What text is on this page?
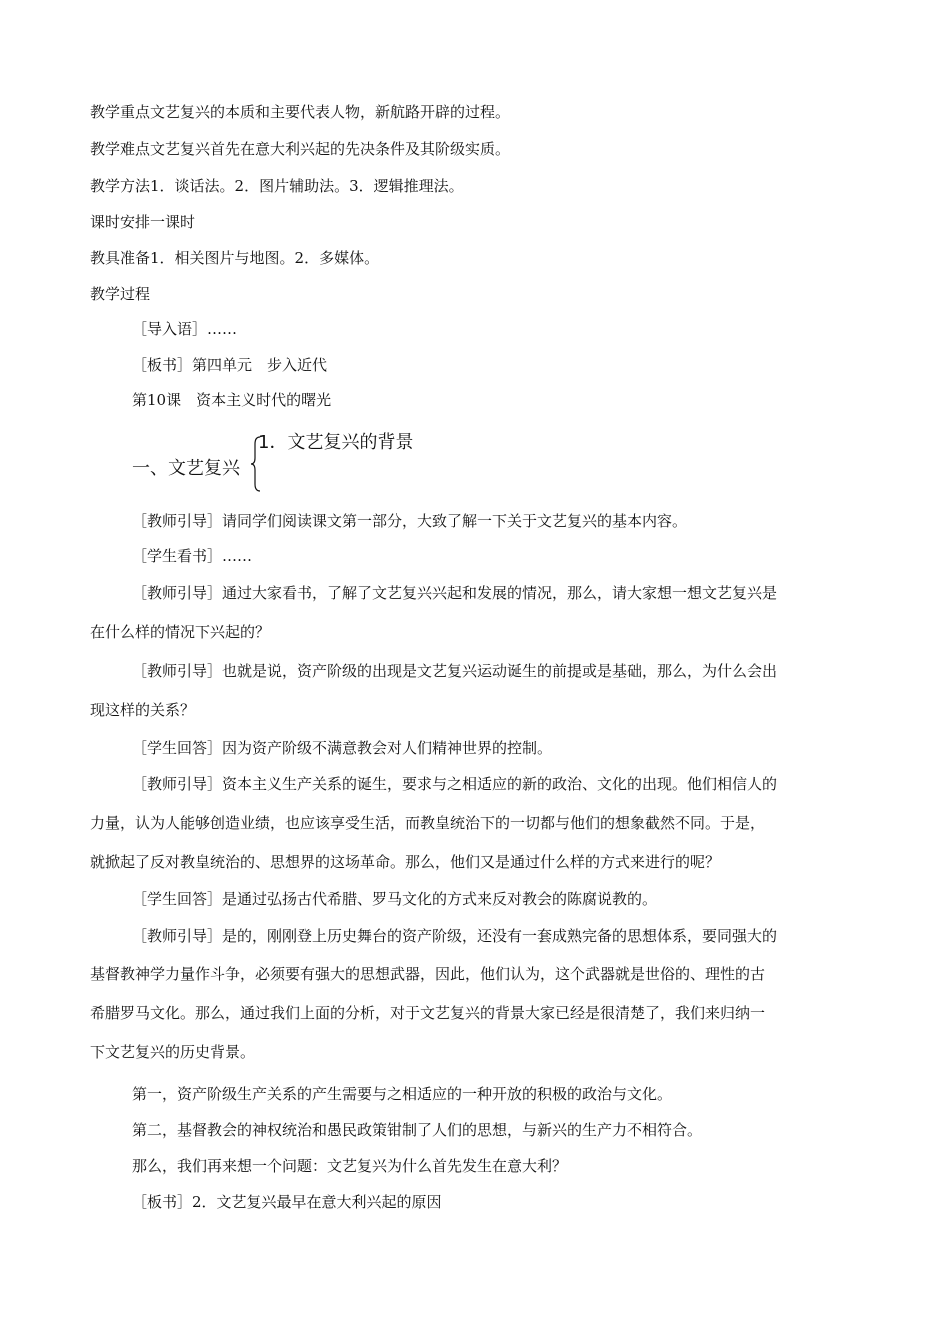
教学重点文艺复兴的本质和主要代表人物，新航路开辟的过程。
教学难点文艺复兴首先在意大利兴起的先决条件及其阶级实质。
教学方法1．谈话法。2．图片辅助法。3．逻辑推理法。
课时安排一课时
教具准备1．相关图片与地图。2．多媒体。
教学过程
［导入语］……
［板书］第四单元　步入近代
第10课　资本主义时代的曙光
1．文艺复兴的背景
一、文艺复兴
［教师引导］请同学们阅读课文第一部分，大致了解一下关于文艺复兴的基本内容。
［学生看书］……
［教师引导］通过大家看书，了解了文艺复兴兴起和发展的情况，那么，请大家想一想文艺复兴是
在什么样的情况下兴起的？
［教师引导］也就是说，资产阶级的出现是文艺复兴运动诞生的前提或是基础，那么，为什么会出
现这样的关系？
［学生回答］因为资产阶级不满意教会对人们精神世界的控制。
［教师引导］资本主义生产关系的诞生，要求与之相适应的新的政治、文化的出现。他们相信人的
力量，认为人能够创造业绩，也应该享受生活，而教皇统治下的一切都与他们的想象截然不同。于是，
就掀起了反对教皇统治的、思想界的这场革命。那么，他们又是通过什么样的方式来进行的呢？
［学生回答］是通过弘扬古代希腊、罗马文化的方式来反对教会的陈腐说教的。
［教师引导］是的，刚刚登上历史舞台的资产阶级，还没有一套成熟完备的思想体系，要同强大的
基督教神学力量作斗争，必须要有强大的思想武器，因此，他们认为，这个武器就是世俗的、理性的古
希腊罗马文化。那么，通过我们上面的分析，对于文艺复兴的背景大家已经是很清楚了，我们来归纳一
下文艺复兴的历史背景。
第一，资产阶级生产关系的产生需要与之相适应的一种开放的积极的政治与文化。
第二，基督教会的神权统治和愚民政策钳制了人们的思想，与新兴的生产力不相符合。
那么，我们再来想一个问题：文艺复兴为什么首先发生在意大利？
［板书］2．文艺复兴最早在意大利兴起的原因
